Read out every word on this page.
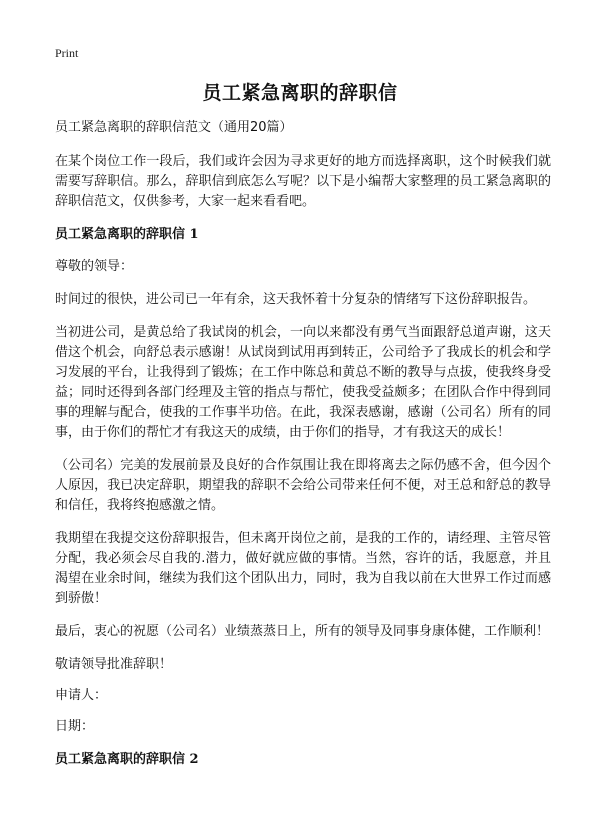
Print
员工紧急离职的辞职信

员工紧急离职的辞职信范文（通用20篇）

在某个岗位工作一段后，我们或许会因为寻求更好的地方而选择离职，这个时候我们就需要写辞职信。那么，辞职信到底怎么写呢？以下是小编帮大家整理的员工紧急离职的辞职信范文，仅供参考，大家一起来看看吧。

员工紧急离职的辞职信 1

尊敬的领导：

时间过的很快，进公司已一年有余，这天我怀着十分复杂的情绪写下这份辞职报告。

当初进公司，是黄总给了我试岗的机会，一向以来都没有勇气当面跟舒总道声谢，这天借这个机会，向舒总表示感谢！从试岗到试用再到转正，公司给予了我成长的机会和学习发展的平台，让我得到了锻炼；在工作中陈总和黄总不断的教导与点拔，使我终身受益；同时还得到各部门经理及主管的指点与帮忙，使我受益颇多；在团队合作中得到同事的理解与配合，使我的工作事半功倍。在此，我深表感谢，感谢（公司名）所有的同事，由于你们的帮忙才有我这天的成绩，由于你们的指导，才有我这天的成长！

（公司名）完美的发展前景及良好的合作氛围让我在即将离去之际仍感不舍，但今因个人原因，我已决定辞职，期望我的辞职不会给公司带来任何不便，对王总和舒总的教导和信任，我将终抱感激之情。

我期望在我提交这份辞职报告，但未离开岗位之前，是我的工作的，请经理、主管尽管分配，我必须会尽自我的.潜力，做好就应做的事情。当然，容许的话，我愿意，并且渴望在业余时间，继续为我们这个团队出力，同时，我为自我以前在大世界工作过而感到骄傲！

最后，衷心的祝愿（公司名）业绩蒸蒸日上，所有的领导及同事身康体健，工作顺利！

敬请领导批准辞职！

申请人：

日期：

员工紧急离职的辞职信 2
